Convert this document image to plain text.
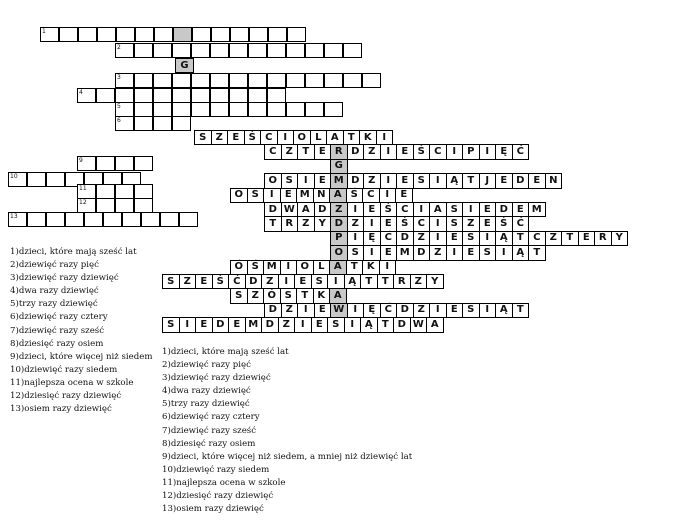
1
2
G
3
4
5
6
9
10
11
12
13
S Z E Ś C I O L A T K I
C Z T E R D Z I E Ś C I P I Ę Ć
G
O S I E M D Z I E S I Ą T J E D E N
O S I E M N A Ś C I E
D W A D Z I E Ś C I A S I E D E M
T R Z Y D Z I E Ś C I S Z E Ś Ć
P I Ę Ć D Z I E S I Ą T C Z T E R Y
O S I E M D Z I E S I Ą T
Ó Ś M I O L A T K I
S Z E Ś Ć D Z I E S I Ą T T R Z Y
S Z Ó S T K A
D Z I E W I Ę Ć D Z I E S I Ą T
S I E D E M D Z I E S I Ą T D W A
1)dzieci, które mają sześć lat
2)dziewięć razy pięć
3)dziewięć razy dziewięć
4)dwa razy dziewięć
5)trzy razy dziewięć
6)dziewięć razy cztery
7)dziewięć razy sześć
8)dziesięć razy osiem
9)dzieci, które więcej niż siedem
10)dziewięć razy siedem
11)najlepsza ocena w szkole
12)dziesięć razy dziewięć
13)osiem razy dziewięć
1)dzieci, które mają sześć lat
2)dziewięć razy pięć
3)dziewięć razy dziewięć
4)dwa razy dziewięć
5)trzy razy dziewięć
6)dziewięć razy cztery
7)dziewięć razy sześć
8)dziesięć razy osiem
9)dzieci, które więcej niż siedem, a mniej niż dziewięć lat
10)dziewięć razy siedem
11)najlepsza ocena w szkole
12)dziesięć razy dziewięć
13)osiem razy dziewięć
